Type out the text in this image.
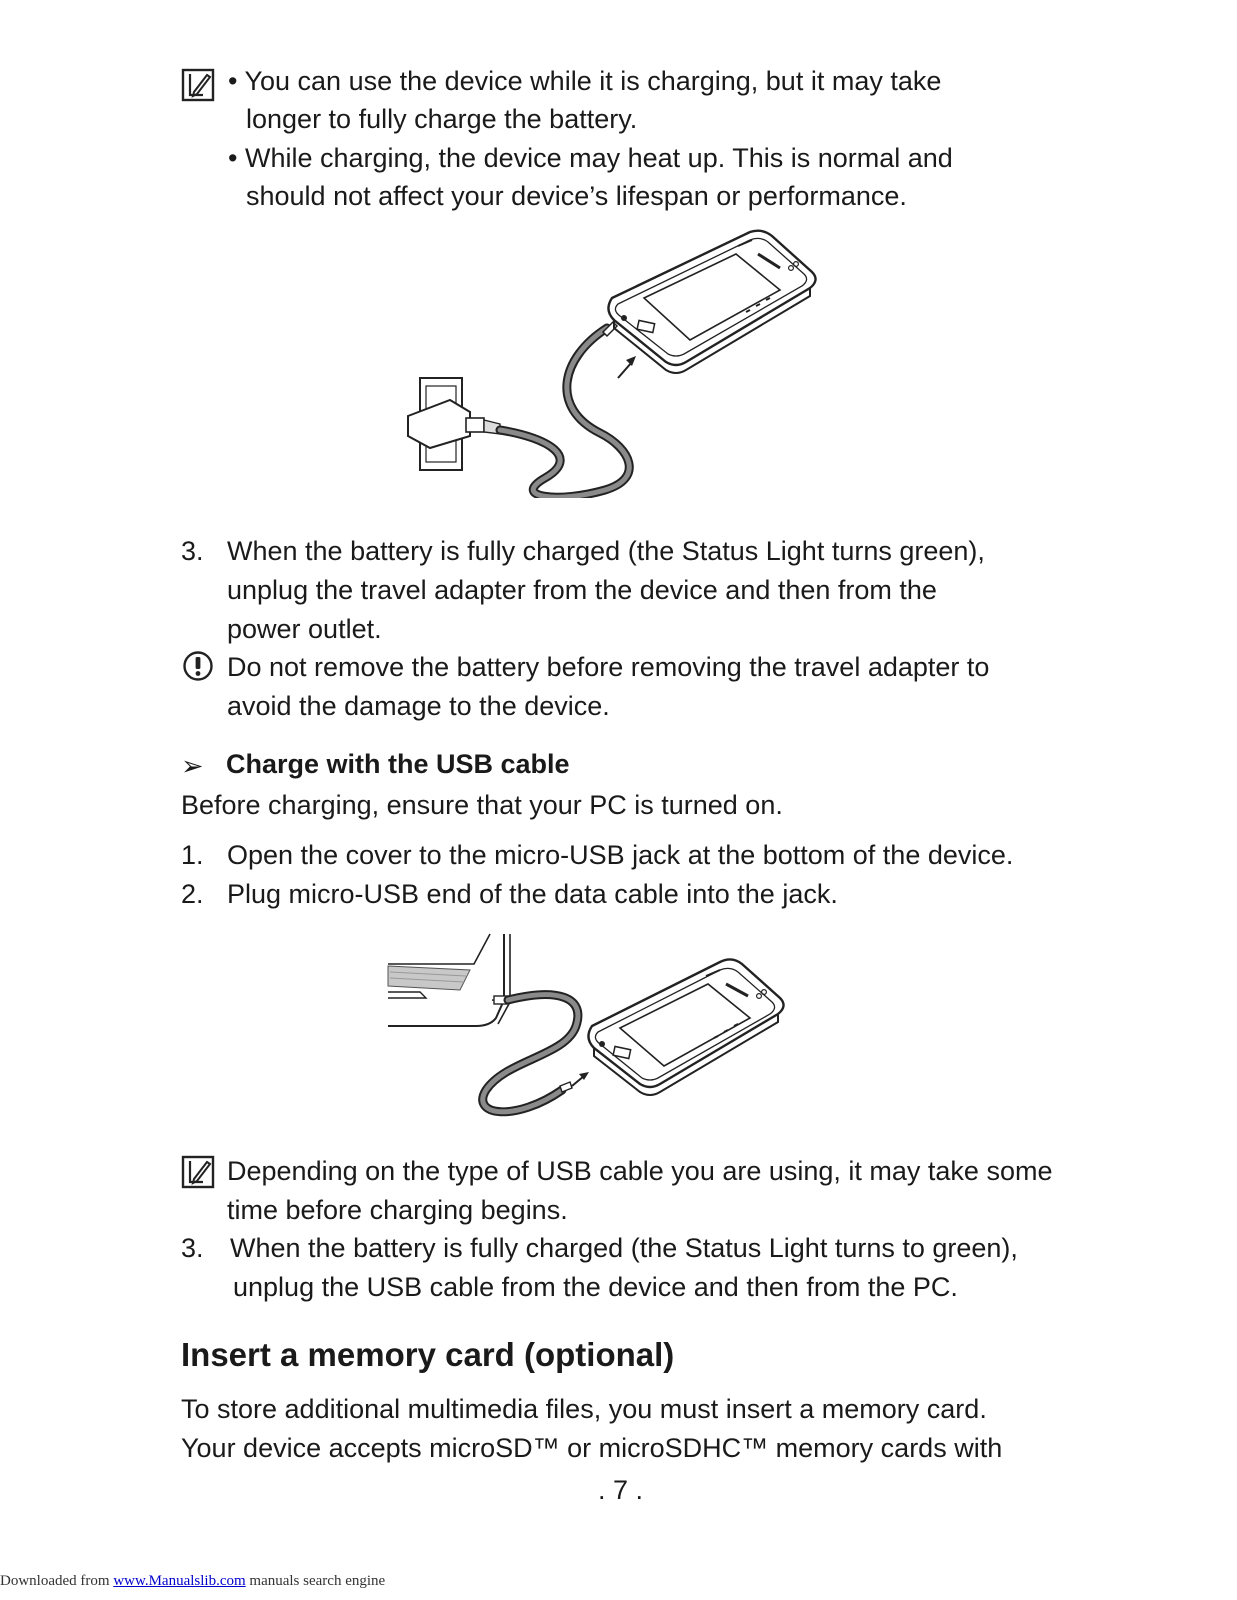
• You can use the device while it is charging, but it may take
longer to fully charge the battery.
• While charging, the device may heat up. This is normal and
should not affect your device’s lifespan or performance.
3. When the battery is fully charged (the Status Light turns green),
unplug the travel adapter from the device and then from the
power outlet.
Do not remove the battery before removing the travel adapter to
avoid the damage to the device.
➢ Charge with the USB cable
Before charging, ensure that your PC is turned on.
1. Open the cover to the micro-USB jack at the bottom of the device.
2. Plug micro-USB end of the data cable into the jack.
Depending on the type of USB cable you are using, it may take some
time before charging begins.
3. When the battery is fully charged (the Status Light turns to green),
unplug the USB cable from the device and then from the PC.
Insert a memory card (optional)
To store additional multimedia files, you must insert a memory card.
Your device accepts microSD™ or microSDHC™ memory cards with
. 7 .
Downloaded from www.Manualslib.com manuals search engine
